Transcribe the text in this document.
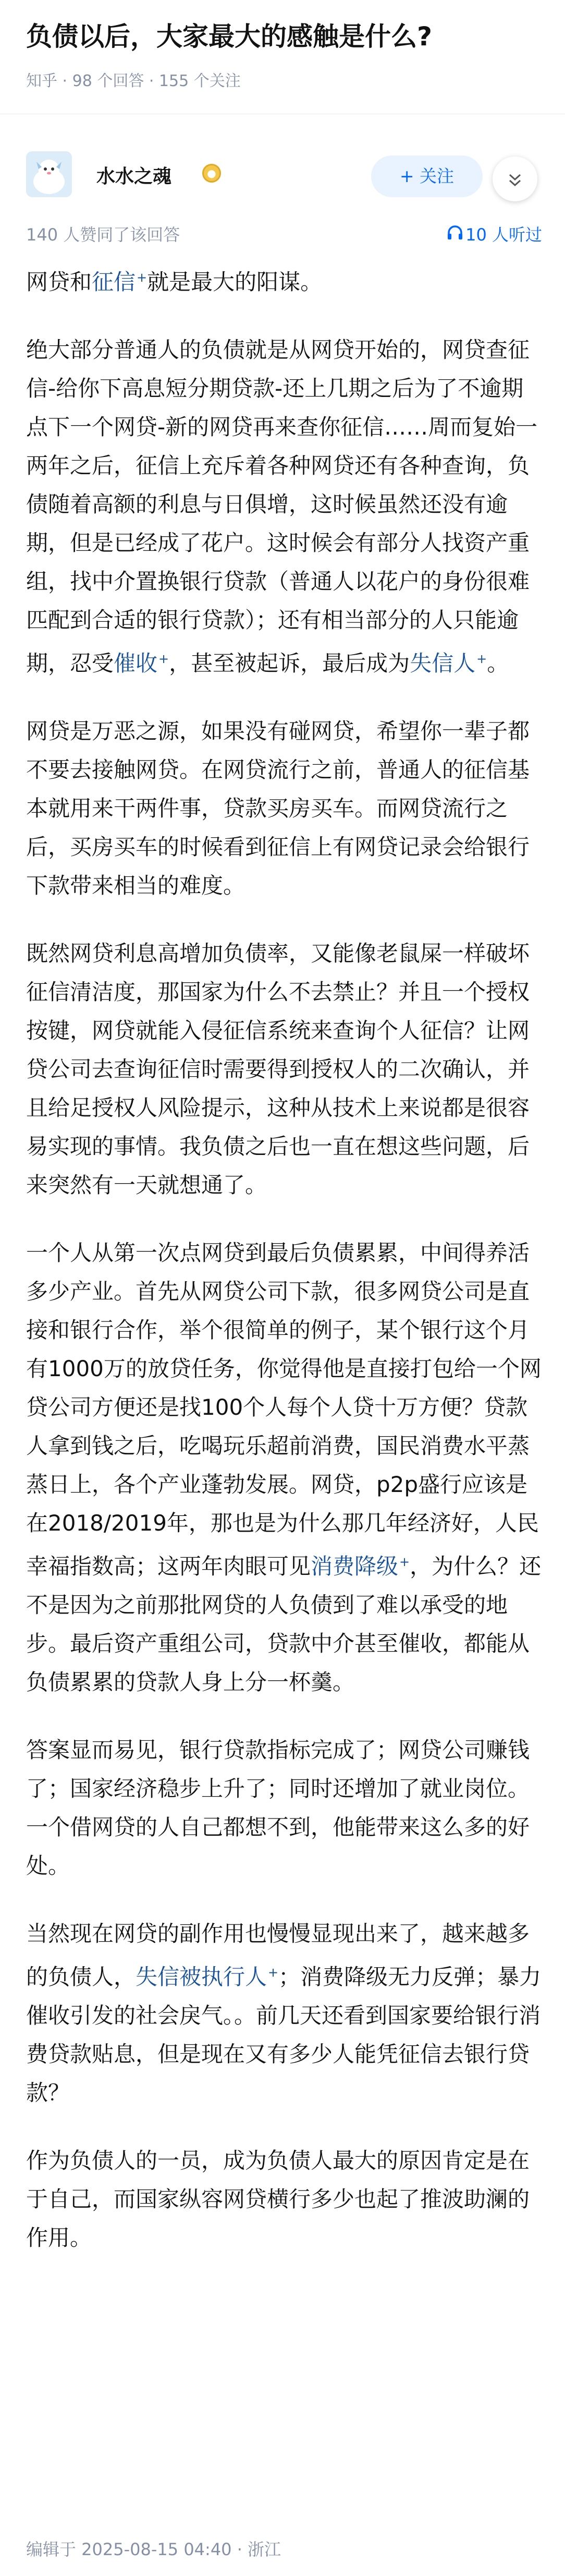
负债以后，大家最大的感触是什么?
知乎 · 98 个回答 · 155 个关注
水水之魂	●	+ 关注
140 人赞同了该回答	10 人听过

网贷和征信+就是最大的阳谋。

绝大部分普通人的负债就是从网贷开始的，网贷查征信-给你下高息短分期贷款-还上几期之后为了不逾期点下一个网贷-新的网贷再来查你征信……周而复始一两年之后，征信上充斥着各种网贷还有各种查询，负债随着高额的利息与日俱增，这时候虽然还没有逾期，但是已经成了花户。这时候会有部分人找资产重组，找中介置换银行贷款（普通人以花户的身份很难匹配到合适的银行贷款）；还有相当部分的人只能逾期，忍受催收+，甚至被起诉，最后成为失信人+。

网贷是万恶之源，如果没有碰网贷，希望你一辈子都不要去接触网贷。在网贷流行之前，普通人的征信基本就用来干两件事，贷款买房买车。而网贷流行之后，买房买车的时候看到征信上有网贷记录会给银行下款带来相当的难度。

既然网贷利息高增加负债率，又能像老鼠屎一样破坏征信清洁度，那国家为什么不去禁止？并且一个授权按键，网贷就能入侵征信系统来查询个人征信？让网贷公司去查询征信时需要得到授权人的二次确认，并且给足授权人风险提示，这种从技术上来说都是很容易实现的事情。我负债之后也一直在想这些问题，后来突然有一天就想通了。

一个人从第一次点网贷到最后负债累累，中间得养活多少产业。首先从网贷公司下款，很多网贷公司是直接和银行合作，举个很简单的例子，某个银行这个月有1000万的放贷任务，你觉得他是直接打包给一个网贷公司方便还是找100个人每个人贷十万方便？贷款人拿到钱之后，吃喝玩乐超前消费，国民消费水平蒸蒸日上，各个产业蓬勃发展。网贷，p2p盛行应该是在2018/2019年，那也是为什么那几年经济好，人民幸福指数高；这两年肉眼可见消费降级+，为什么？还不是因为之前那批网贷的人负债到了难以承受的地步。最后资产重组公司，贷款中介甚至催收，都能从负债累累的贷款人身上分一杯羹。

答案显而易见，银行贷款指标完成了；网贷公司赚钱了；国家经济稳步上升了；同时还增加了就业岗位。一个借网贷的人自己都想不到，他能带来这么多的好处。

当然现在网贷的副作用也慢慢显现出来了，越来越多的负债人，失信被执行人+；消费降级无力反弹；暴力催收引发的社会戾气。。前几天还看到国家要给银行消费贷款贴息，但是现在又有多少人能凭征信去银行贷款？

作为负债人的一员，成为负债人最大的原因肯定是在于自己，而国家纵容网贷横行多少也起了推波助澜的作用。

编辑于 2025-08-15 04:40 · 浙江
